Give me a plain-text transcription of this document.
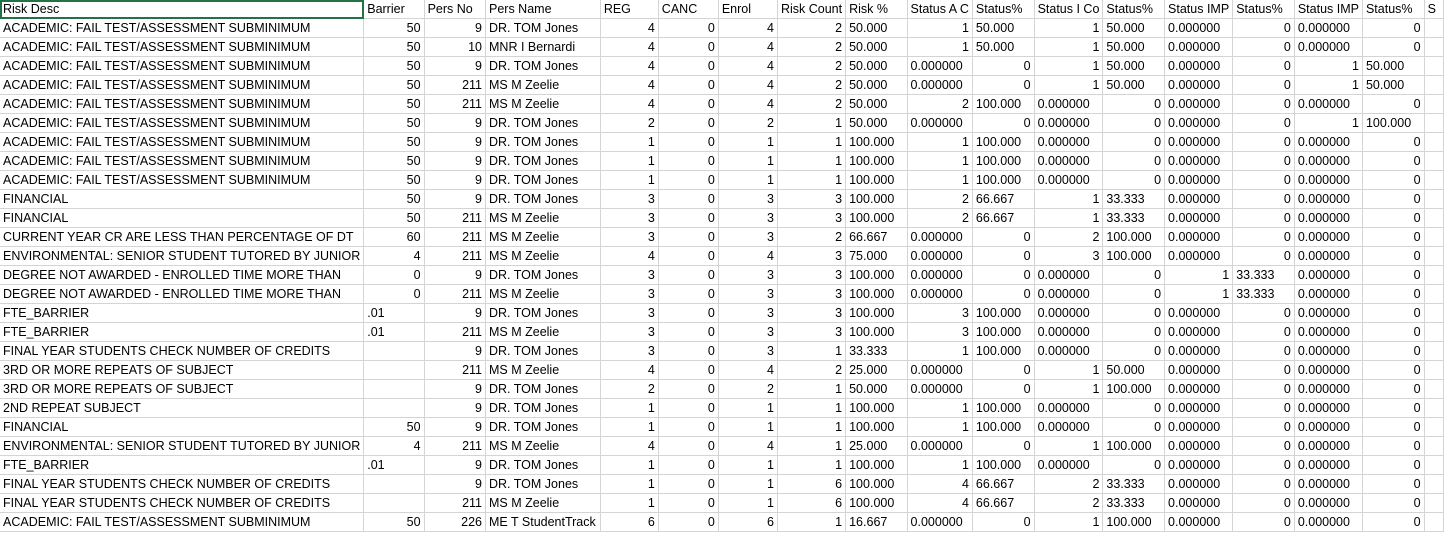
Risk Desc	Barrier	Pers No	Pers Name	REG	CANC	Enrol	Risk Count	Risk %	Status A C	Status%	Status I Co	Status%	Status IMP	Status%	Status IMP	Status%	S
ACADEMIC: FAIL TEST/ASSESSMENT SUBMINIMUM	50	9	DR. TOM Jones	4	0	4	2	50.000	1	50.000	1	50.000	0.000000	0	0.000000	0	
ACADEMIC: FAIL TEST/ASSESSMENT SUBMINIMUM	50	10	MNR I Bernardi	4	0	4	2	50.000	1	50.000	1	50.000	0.000000	0	0.000000	0	
ACADEMIC: FAIL TEST/ASSESSMENT SUBMINIMUM	50	9	DR. TOM Jones	4	0	4	2	50.000	0.000000	0	1	50.000	0.000000	0	1	50.000	
ACADEMIC: FAIL TEST/ASSESSMENT SUBMINIMUM	50	211	MS M Zeelie	4	0	4	2	50.000	0.000000	0	1	50.000	0.000000	0	1	50.000	
ACADEMIC: FAIL TEST/ASSESSMENT SUBMINIMUM	50	211	MS M Zeelie	4	0	4	2	50.000	2	100.000	0.000000	0	0.000000	0	0.000000	0	
ACADEMIC: FAIL TEST/ASSESSMENT SUBMINIMUM	50	9	DR. TOM Jones	2	0	2	1	50.000	0.000000	0	0.000000	0	0.000000	0	1	100.000	
ACADEMIC: FAIL TEST/ASSESSMENT SUBMINIMUM	50	9	DR. TOM Jones	1	0	1	1	100.000	1	100.000	0.000000	0	0.000000	0	0.000000	0	
ACADEMIC: FAIL TEST/ASSESSMENT SUBMINIMUM	50	9	DR. TOM Jones	1	0	1	1	100.000	1	100.000	0.000000	0	0.000000	0	0.000000	0	
ACADEMIC: FAIL TEST/ASSESSMENT SUBMINIMUM	50	9	DR. TOM Jones	1	0	1	1	100.000	1	100.000	0.000000	0	0.000000	0	0.000000	0	
FINANCIAL	50	9	DR. TOM Jones	3	0	3	3	100.000	2	66.667	1	33.333	0.000000	0	0.000000	0	
FINANCIAL	50	211	MS M Zeelie	3	0	3	3	100.000	2	66.667	1	33.333	0.000000	0	0.000000	0	
CURRENT YEAR CR ARE LESS THAN PERCENTAGE OF DT	60	211	MS M Zeelie	3	0	3	2	66.667	0.000000	0	2	100.000	0.000000	0	0.000000	0	
ENVIRONMENTAL: SENIOR STUDENT TUTORED BY JUNIOR	4	211	MS M Zeelie	4	0	4	3	75.000	0.000000	0	3	100.000	0.000000	0	0.000000	0	
DEGREE NOT AWARDED - ENROLLED TIME MORE THAN	0	9	DR. TOM Jones	3	0	3	3	100.000	0.000000	0	0.000000	0	1	33.333	0.000000	0	
DEGREE NOT AWARDED - ENROLLED TIME MORE THAN	0	211	MS M Zeelie	3	0	3	3	100.000	0.000000	0	0.000000	0	1	33.333	0.000000	0	
FTE_BARRIER	.01	9	DR. TOM Jones	3	0	3	3	100.000	3	100.000	0.000000	0	0.000000	0	0.000000	0	
FTE_BARRIER	.01	211	MS M Zeelie	3	0	3	3	100.000	3	100.000	0.000000	0	0.000000	0	0.000000	0	
FINAL YEAR STUDENTS CHECK NUMBER OF CREDITS		9	DR. TOM Jones	3	0	3	1	33.333	1	100.000	0.000000	0	0.000000	0	0.000000	0	
3RD OR MORE REPEATS OF SUBJECT		211	MS M Zeelie	4	0	4	2	25.000	0.000000	0	1	50.000	0.000000	0	0.000000	0	
3RD OR MORE REPEATS OF SUBJECT		9	DR. TOM Jones	2	0	2	1	50.000	0.000000	0	1	100.000	0.000000	0	0.000000	0	
2ND REPEAT SUBJECT		9	DR. TOM Jones	1	0	1	1	100.000	1	100.000	0.000000	0	0.000000	0	0.000000	0	
FINANCIAL	50	9	DR. TOM Jones	1	0	1	1	100.000	1	100.000	0.000000	0	0.000000	0	0.000000	0	
ENVIRONMENTAL: SENIOR STUDENT TUTORED BY JUNIOR	4	211	MS M Zeelie	4	0	4	1	25.000	0.000000	0	1	100.000	0.000000	0	0.000000	0	
FTE_BARRIER	.01	9	DR. TOM Jones	1	0	1	1	100.000	1	100.000	0.000000	0	0.000000	0	0.000000	0	
FINAL YEAR STUDENTS CHECK NUMBER OF CREDITS		9	DR. TOM Jones	1	0	1	6	100.000	4	66.667	2	33.333	0.000000	0	0.000000	0	
FINAL YEAR STUDENTS CHECK NUMBER OF CREDITS		211	MS M Zeelie	1	0	1	6	100.000	4	66.667	2	33.333	0.000000	0	0.000000	0	
ACADEMIC: FAIL TEST/ASSESSMENT SUBMINIMUM	50	226	ME T StudentTrack	6	0	6	1	16.667	0.000000	0	1	100.000	0.000000	0	0.000000	0	
